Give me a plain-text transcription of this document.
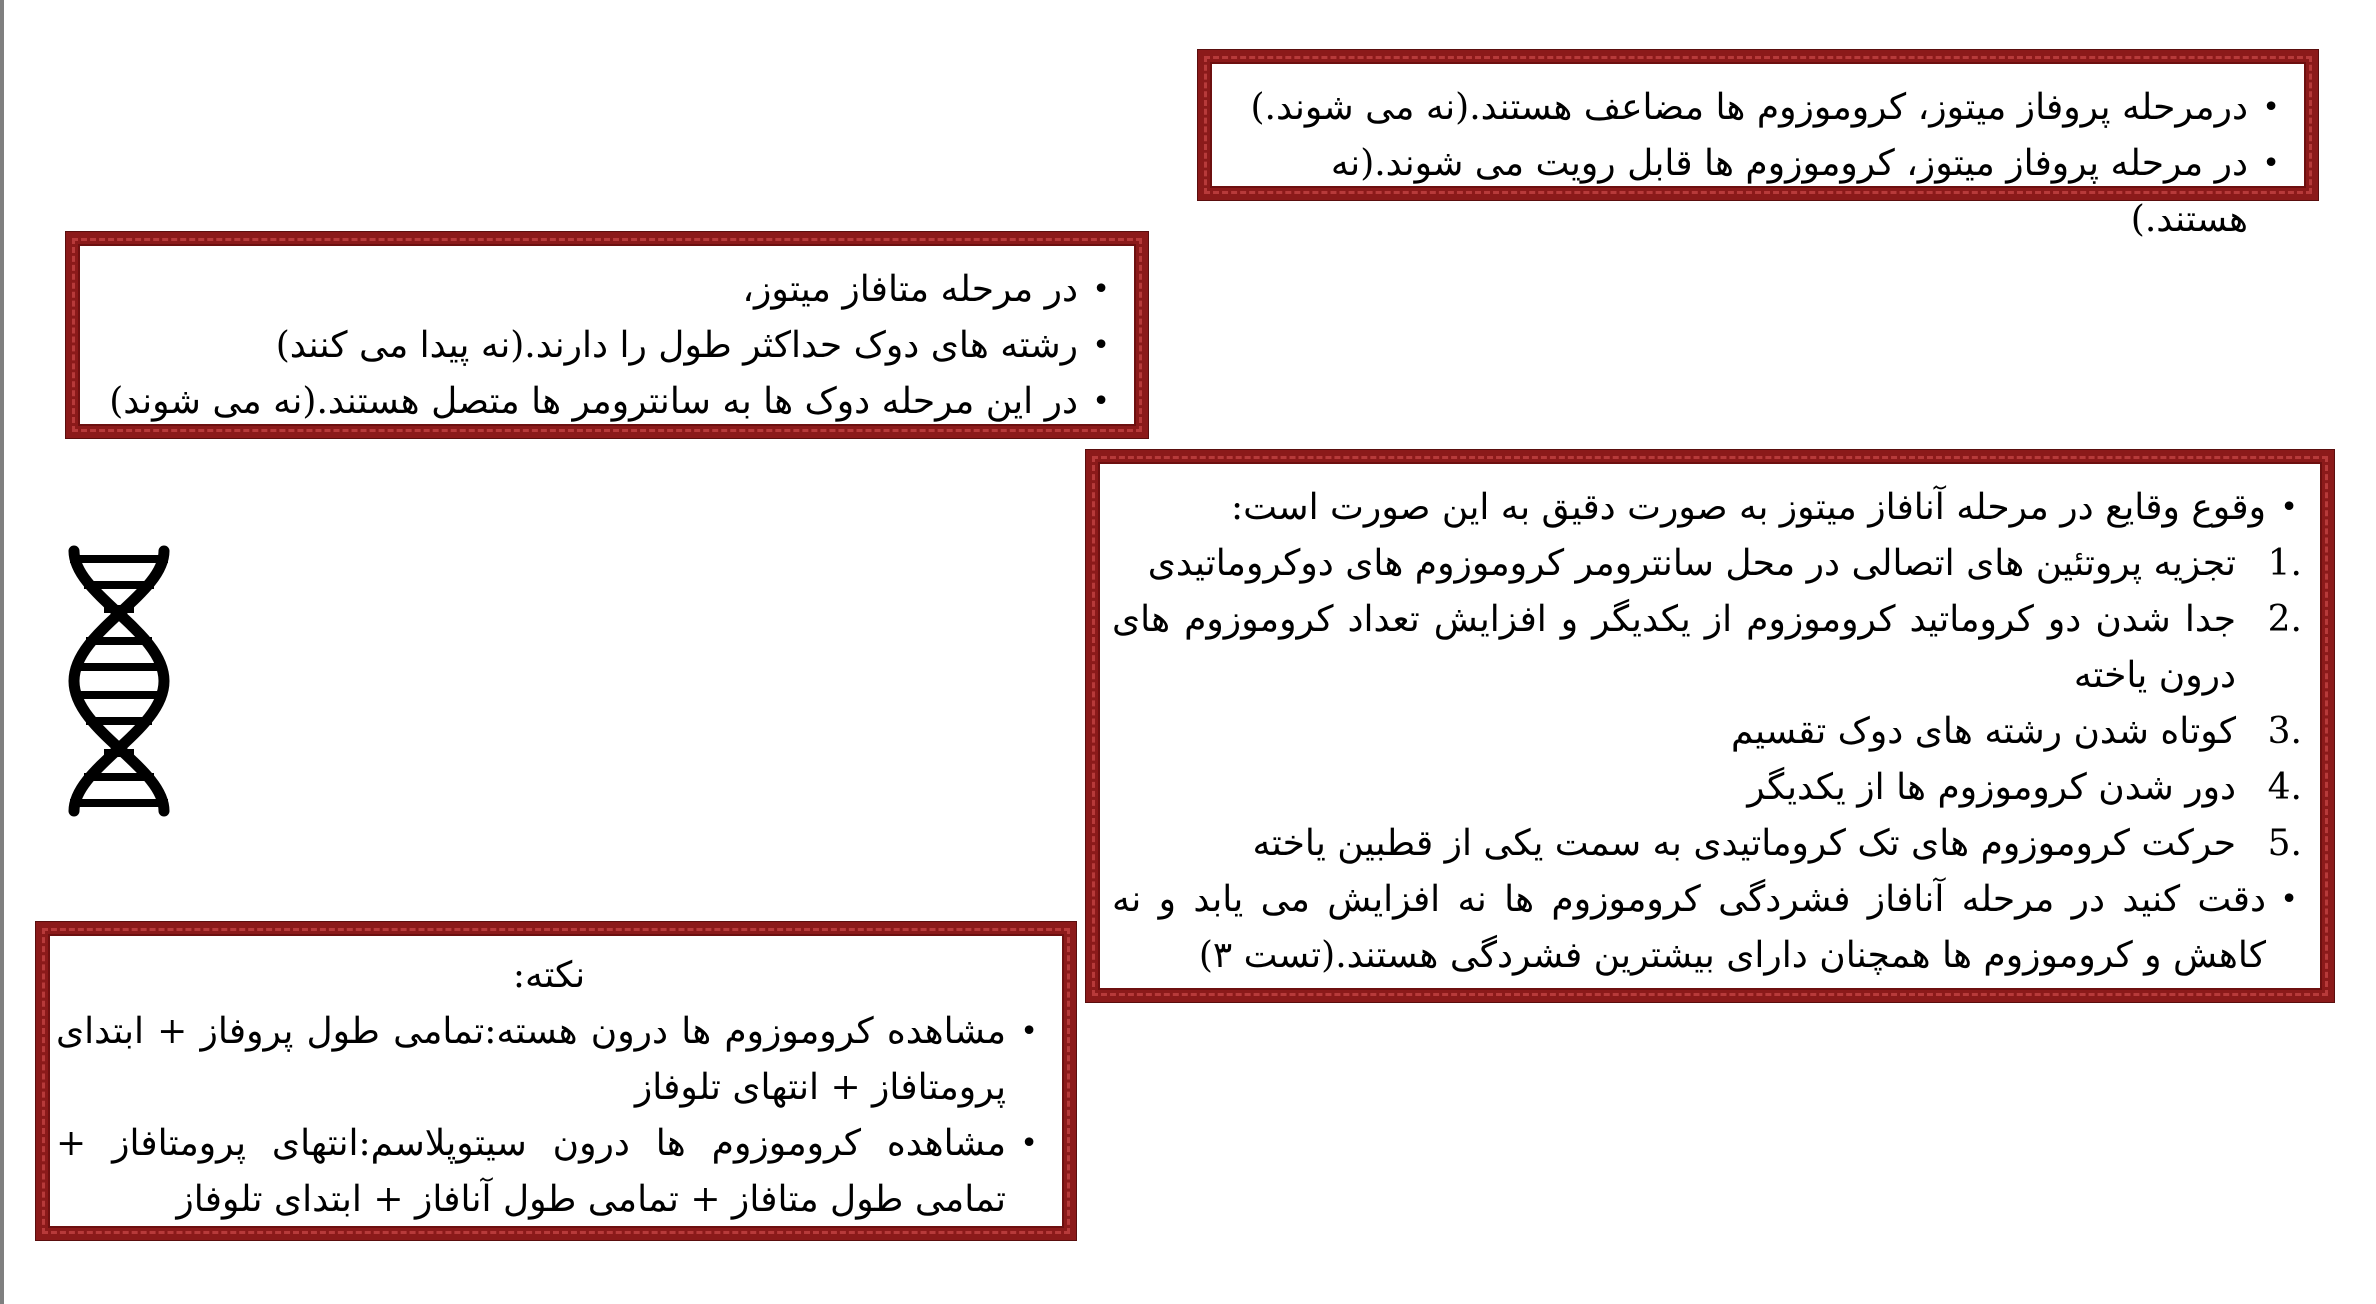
• درمرحله پروفاز میتوز، کروموزوم ها مضاعف هستند.(نه می شوند.)
• در مرحله پروفاز میتوز، کروموزوم ها قابل رویت می شوند.(نه هستند.)
• در مرحله متافاز میتوز،
• رشته های دوک حداکثر طول را دارند.(نه پیدا می کنند)
• در این مرحله دوک ها به سانترومر ها متصل هستند.(نه می شوند)
• وقوع وقایع در مرحله آنافاز میتوز به صورت دقیق به این صورت است:
1.
تجزیه پروتئین های اتصالی در محل سانترومر کروموزوم های دوکروماتیدی
2.
جدا شدن دو کروماتید کروموزوم از یکدیگر و افزایش تعداد کروموزوم های درون یاخته
3.
کوتاه شدن رشته های دوک تقسیم
4.
دور شدن کروموزوم ها از یکدیگر
5.
حرکت کروموزوم های تک کروماتیدی به سمت یکی از قطبین یاخته
• دقت کنید در مرحله آنافاز فشردگی کروموزوم ها نه افزایش می یابد و نه کاهش و کروموزوم ها همچنان دارای بیشترین فشردگی هستند.(تست ۳)

نکته:

• مشاهده کروموزوم ها درون هسته:تمامی طول پروفاز + ابتدای پرومتافاز + انتهای تلوفاز
• مشاهده کروموزوم ها درون سیتوپلاسم:انتهای پرومتافاز + تمامی طول متافاز + تمامی طول آنافاز + ابتدای تلوفاز
